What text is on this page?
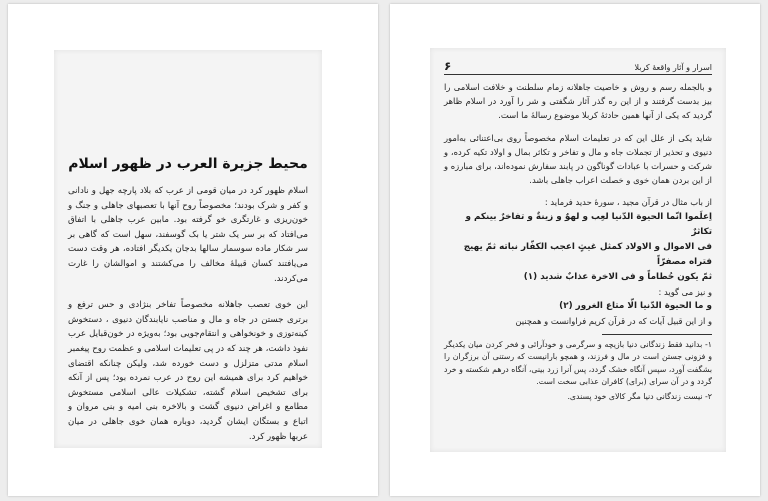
محیط جزیرة العرب در ظهور اسلام

اسلام ظهور کرد در میان قومی از عرب که بلاد پارچه جهل و نادانی و کفر و شرک بودند؛ مخصوصاً روح آنها با تعصبهای جاهلی و جنگ و خون‌ریزی و غارتگری خو گرفته بود. مابین عرب جاهلی با اتفاق می‌افتاد که بر سر یک شتر یا بک گوسفند، سهل است که گاهی بر سر شکار ماده سوسمار سالها بدجان یکدیگر افتاده، هر وقت دست می‌یافتند کسان قبیلهٔ مخالف را می‌کشتند و اموالشان را غارت می‌کردند.

این خوی تعصب جاهلانه مخصوصاً تفاخر بنژادی و حس ترفع و برتری جستن در جاه و مال و مناصب نایابندگان دنیوی ، دستخوش کینه‌توزی و خونخواهی و انتقام‌جویی بود؛ به‌ویژه در خون‌قبایل عرب نفوذ داشت، هر چند که در پی تعلیمات اسلامی و عظمت روح پیغمبر اسلام مدتی متزلزل و دست خورده شد، ولیکن چنانکه اقتضای خواهیم کرد برای همیشه این روح در عرب نمرده بود؛ پس از آنکه برای تشخیص اسلام گشته، تشکیلات عالی اسلامی مستخوش مطامع و اغراض دنیوی گشت و بالاخره بنی امیه و بنی مروان و اتباع و بستگان ایشان گردید، دوباره همان خوی جاهلی در میان عربها ظهور کرد.

۶	اسرار و آثار واقعهٔ کربلا

و بالجمله رسم و روش و خاصیت جاهلانه زمام سلطنت و خلافت اسلامی را بیز بدست گرفتند و از این ره گذر آثار شگفتی و شر را آورد در اسلام ظاهر گردید که یکی از آنها همین حادثهٔ کربلا موضوع رسالهٔ ما است.

شاید یکی از علل این که در تعلیمات اسلام مخصوصاً روی بی‌اعتنائی به‌امور دنیوی و تحذیر از تجملات جاه و مال و تفاخر و تکاثر بمال و اولاد تکیه کرده، و شرکت و حسرات با عبادات گوناگون در پابند سفارش نموده‌اند، برای مبارزه و از این بردن همان خوی و خصلت اعراب جاهلی باشد.

از باب مثال در قرآن مجید ، سورهٔ حدید فرماید :

اِعلَموا انّما الحیوة الدّنیا لعِب و لهوٌ و زینةٌ و تفاخرٌ بینکم و تکاثرٌ

فی الاموال و الاولاد کمثل غیثٍ اعجب الکفّار نباته ثمّ یهیج فتراه مصفرّاً

ثمّ یکون حُطاماً و فی الاخرة عذابٌ شدید (۱)

و نیز می گوید :

و ما الحیوة الدّنیا الّا متاع الغرور (۲)

و از این قبیل آیات که در قرآن کریم فراوانست و همچنین

۱- بدانید فقط زندگانی دنیا بازیچه و سرگرمی و خودآرائی و فخر کردن میان یکدیگر و فزونی جستن است در مال و فرزند، و همچو بارانیست که رستنی آن برزگران را بشگفت آورد، سپس آنگاه خشک گردد، پس آنرا زرد بینی، آنگاه درهم شکسته و خرد گردد و در آن سرای (برای) کافران عذابی سخت است.

۲- نیست زندگانی دنیا مگر کالای خود پسندی.
